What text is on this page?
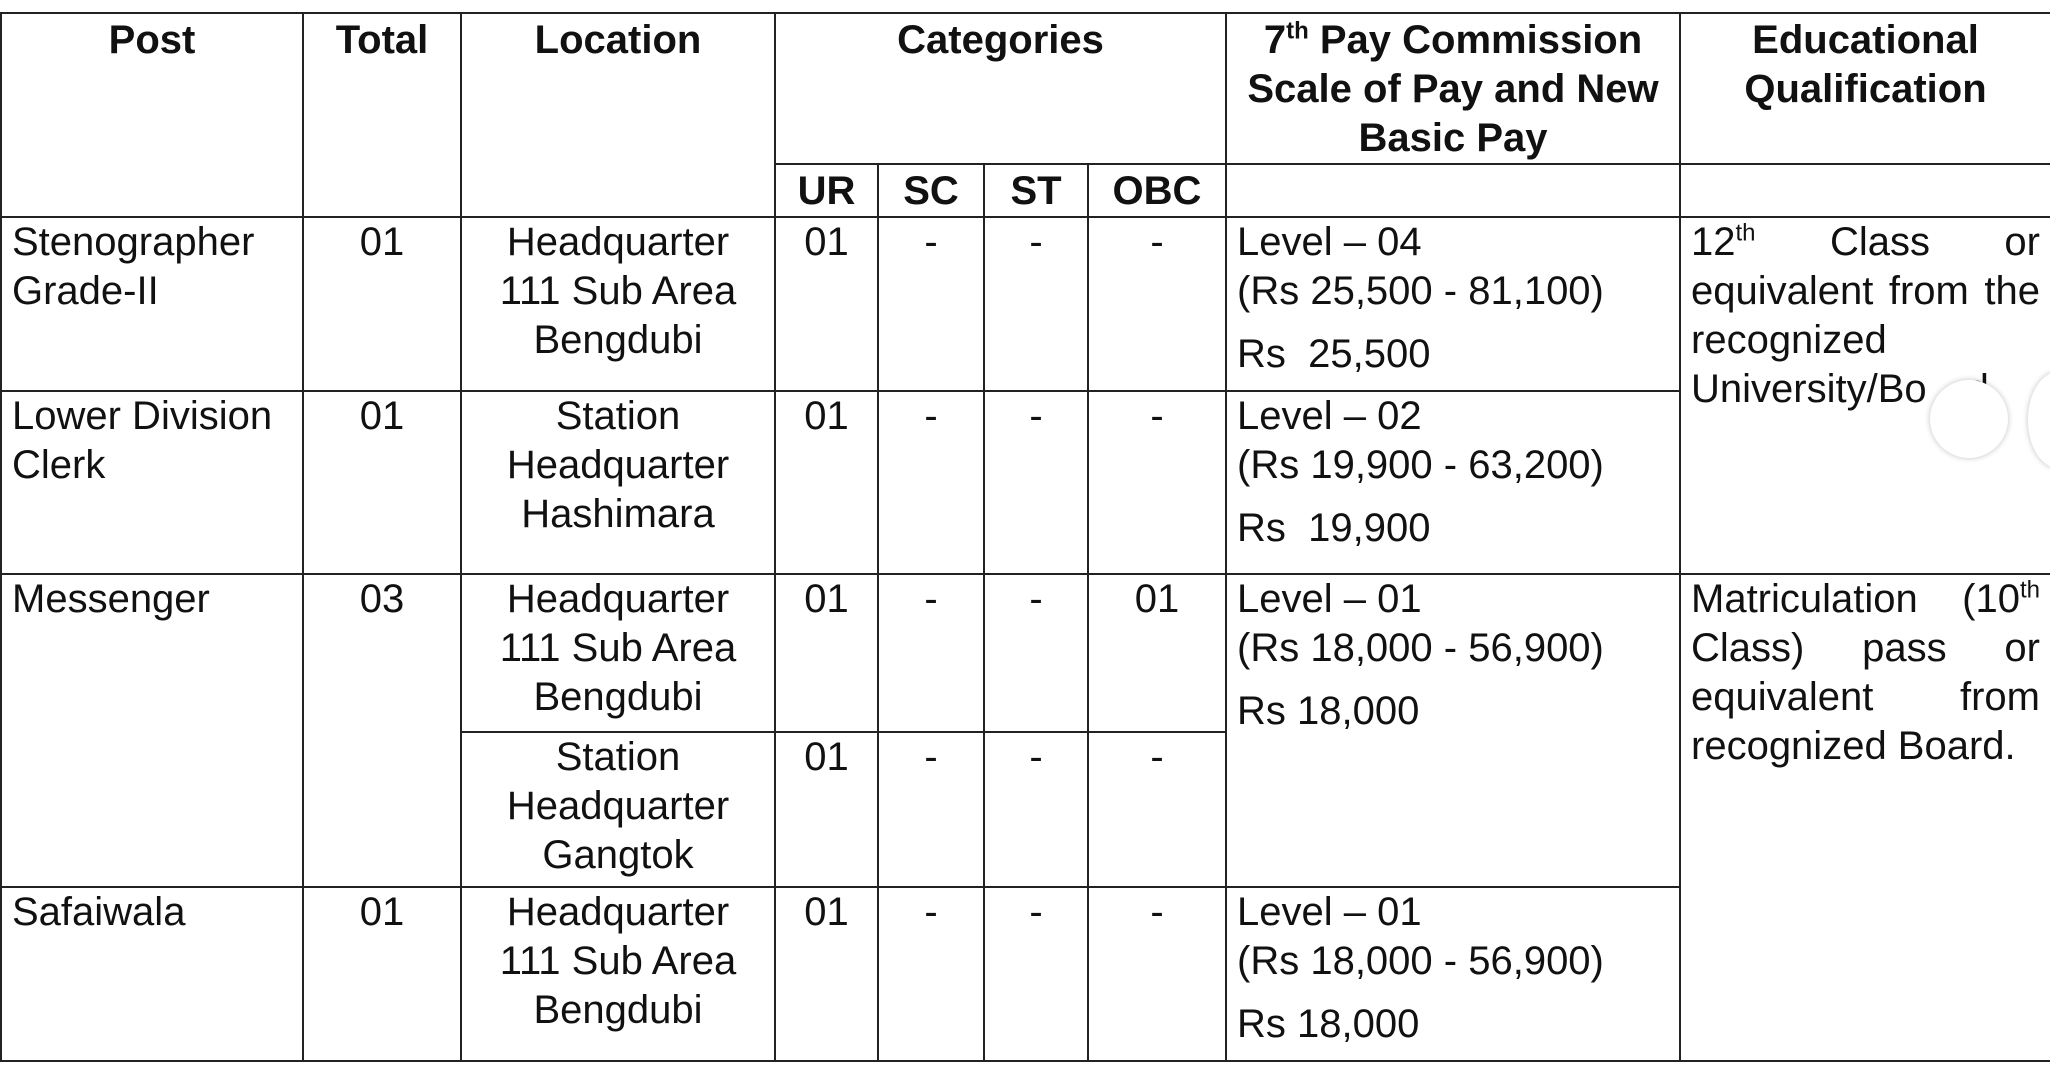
Post	Total	Location	Categories				7th Pay Commission Scale of Pay and New Basic Pay	Educational Qualification
			UR	SC	ST	OBC		
Stenographer Grade-II	01	Headquarter 111 Sub Area Bengdubi	01	-	-	-	Level – 04
(Rs 25,500 - 81,100)
Rs  25,500	12th Class or equivalent from the recognized University/Bo
Lower Division Clerk	01	Station Headquarter Hashimara	01	-	-	-	Level – 02
(Rs 19,900 - 63,200)
Rs  19,900	

Messenger	03	Headquarter 111 Sub Area Bengdubi	01	-	-	01	Level – 01
(Rs 18,000 - 56,900)
Rs 18,000	Matriculation (10th Class) pass or equivalent from recognized Board.
		Station Headquarter Gangtok	01	-	-	-		
Safaiwala	01	Headquarter 111 Sub Area Bengdubi	01	-	-	-	Level – 01
(Rs 18,000 - 56,900)
Rs 18,000	
